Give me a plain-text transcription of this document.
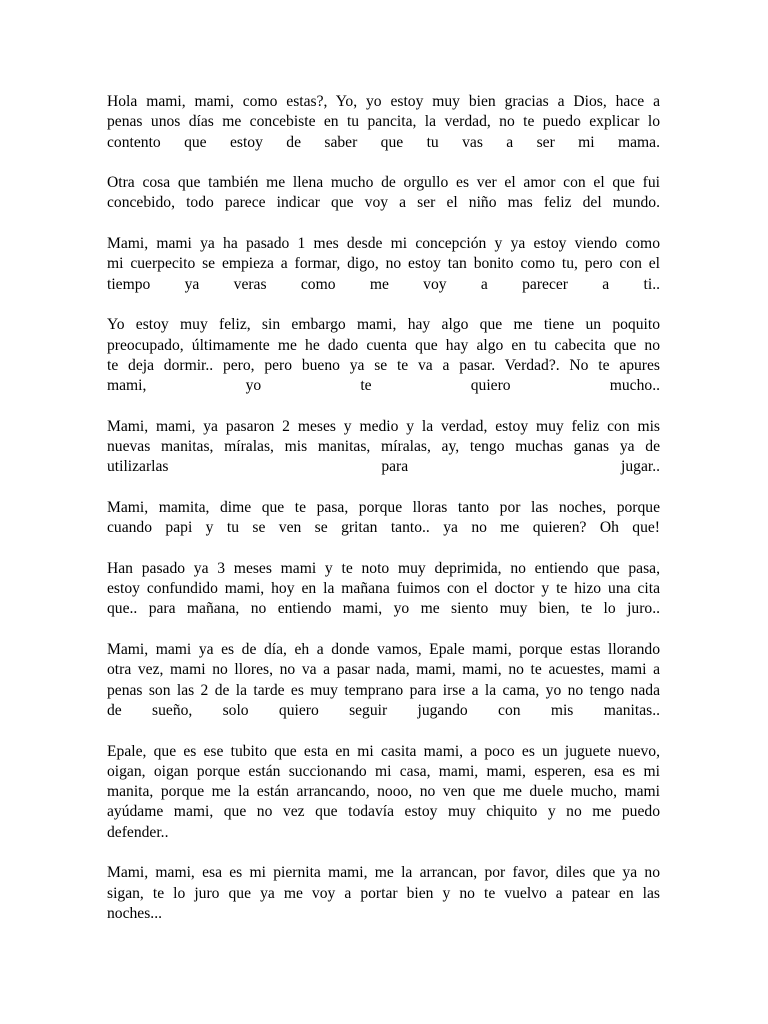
Hola mami, mami, como estas?, Yo, yo estoy muy bien gracias a Dios, hace a
penas unos días me concebiste en tu pancita, la verdad, no te puedo explicar lo
contento que estoy de saber que tu vas a ser mi mama.
Otra cosa que también me llena mucho de orgullo es ver el amor con el que fui
concebido, todo parece indicar que voy a ser el niño mas feliz del mundo.
Mami, mami ya ha pasado 1 mes desde mi concepción y ya estoy viendo como
mi cuerpecito se empieza a formar, digo, no estoy tan bonito como tu, pero con el
tiempo ya veras como me voy a parecer a ti..
Yo estoy muy feliz, sin embargo mami, hay algo que me tiene un poquito
preocupado, últimamente me he dado cuenta que hay algo en tu cabecita que no
te deja dormir.. pero, pero bueno ya se te va a pasar. Verdad?. No te apures
mami, yo te quiero mucho..
Mami, mami, ya pasaron 2 meses y medio y la verdad, estoy muy feliz con mis
nuevas manitas, míralas, mis manitas, míralas, ay, tengo muchas ganas ya de
utilizarlas para jugar..
Mami, mamita, dime que te pasa, porque lloras tanto por las noches, porque
cuando papi y tu se ven se gritan tanto.. ya no me quieren? Oh que!
Han pasado ya 3 meses mami y te noto muy deprimida, no entiendo que pasa,
estoy confundido mami, hoy en la mañana fuimos con el doctor y te hizo una cita
que.. para mañana, no entiendo mami, yo me siento muy bien, te lo juro..
Mami, mami ya es de día, eh a donde vamos, Epale mami, porque estas llorando
otra vez, mami no llores, no va a pasar nada, mami, mami, no te acuestes, mami a
penas son las 2 de la tarde es muy temprano para irse a la cama, yo no tengo nada
de sueño, solo quiero seguir jugando con mis manitas..
Epale, que es ese tubito que esta en mi casita mami, a poco es un juguete nuevo,
oigan, oigan porque están succionando mi casa, mami, mami, esperen, esa es mi
manita, porque me la están arrancando, nooo, no ven que me duele mucho, mami
ayúdame mami, que no vez que todavía estoy muy chiquito y no me puedo
defender..
Mami, mami, esa es mi piernita mami, me la arrancan, por favor, diles que ya no
sigan, te lo juro que ya me voy a portar bien y no te vuelvo a patear en las
noches...
